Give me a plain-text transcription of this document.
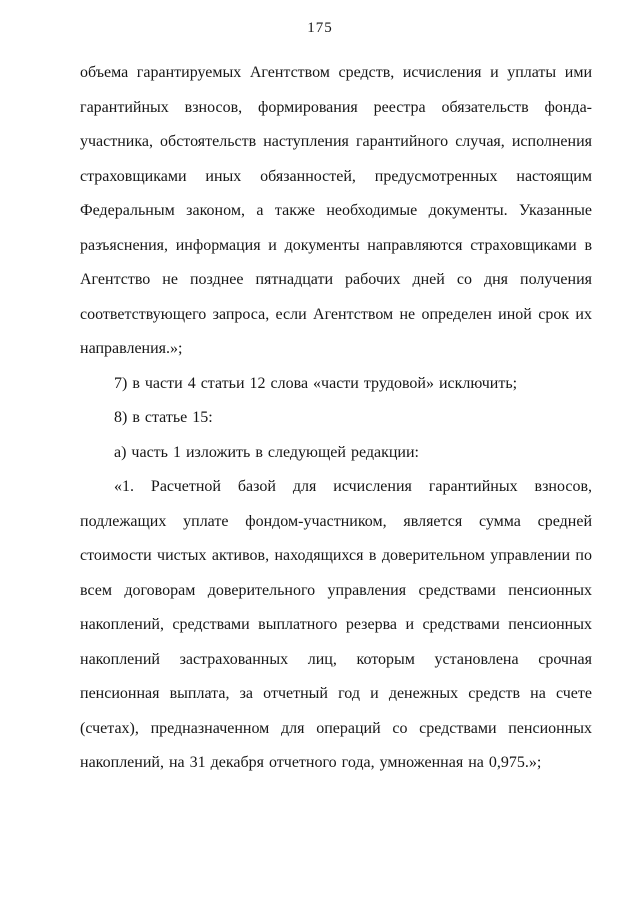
175
объема гарантируемых Агентством средств, исчисления и уплаты ими
гарантийных взносов, формирования реестра обязательств фонда-
участника, обстоятельств наступления гарантийного случая, исполнения
страховщиками иных обязанностей, предусмотренных настоящим
Федеральным законом, а также необходимые документы. Указанные
разъяснения, информация и документы направляются страховщиками в
Агентство не позднее пятнадцати рабочих дней со дня получения
соответствующего запроса, если Агентством не определен иной срок их
направления.»;
7) в части 4 статьи 12 слова «части трудовой» исключить;
8) в статье 15:
а) часть 1 изложить в следующей редакции:
«1. Расчетной базой для исчисления гарантийных взносов,
подлежащих уплате фондом-участником, является сумма средней
стоимости чистых активов, находящихся в доверительном управлении по
всем договорам доверительного управления средствами пенсионных
накоплений, средствами выплатного резерва и средствами пенсионных
накоплений застрахованных лиц, которым установлена срочная
пенсионная выплата, за отчетный год и денежных средств на счете
(счетах), предназначенном для операций со средствами пенсионных
накоплений, на 31 декабря отчетного года, умноженная на 0,975.»;
